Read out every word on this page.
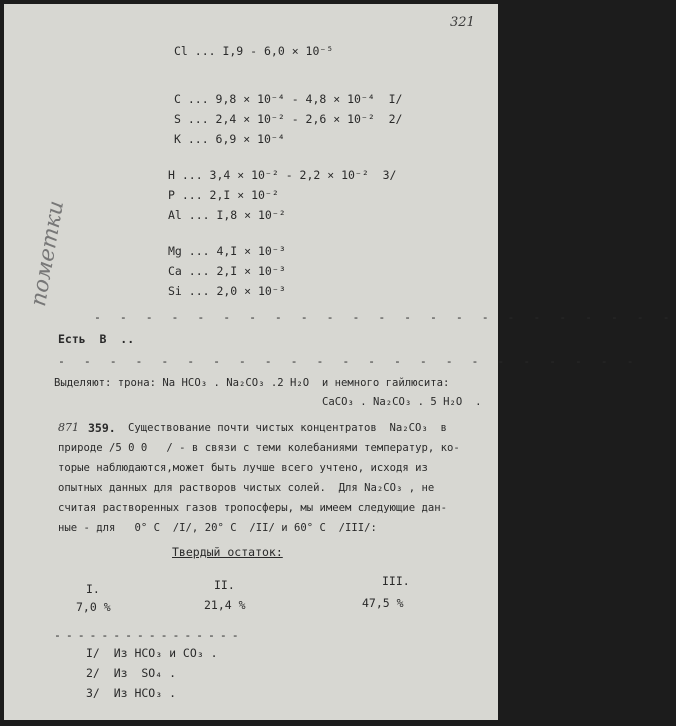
321
Cl ... I,9 - 6,0 × 10⁻⁵
C ... 9,8 × 10⁻⁴ - 4,8 × 10⁻⁴  I/
S ... 2,4 × 10⁻² - 2,6 × 10⁻²  2/
K ... 6,9 × 10⁻⁴
H ... 3,4 × 10⁻² - 2,2 × 10⁻²  3/
P ... 2,I × 10⁻²
Al ... I,8 × 10⁻²
Mg ... 4,I × 10⁻³
Ca ... 2,I × 10⁻³
Si ... 2,0 × 10⁻³
- - - - - - - - - - - - - - - - - - - - - - -
Есть  В  ..
- - - - - - - - - - - - - - - - - - - - - - -
Выделяют: трона: Na HCO₃ . Na₂CO₃ .2 H₂O  и немного гайлюсита:
CaCO₃ . Na₂CO₃ . 5 H₂O  .
871 359. Существование почти чистых концентратов  Na₂CO₃  в
природе /5 0 0   / - в связи с теми колебаниями температур, ко-
торые наблюдаются,может быть лучше всего учтено, исходя из
опытных данных для растворов чистых солей.  Для Na₂CO₃ , не
считая растворенных газов тропосферы, мы имеем следующие дан-
ные - для   0° C  /I/, 20° C  /II/ и 60° C  /III/:
Твердый остаток:
I.
7,0 %
II.
21,4 %
III.
47,5 %
- - - - - - - - - - - - - - - -
I/  Из HCO₃ и CO₃ .
2/  Из  SO₄ .
3/  Из HCO₃ .
пометки
